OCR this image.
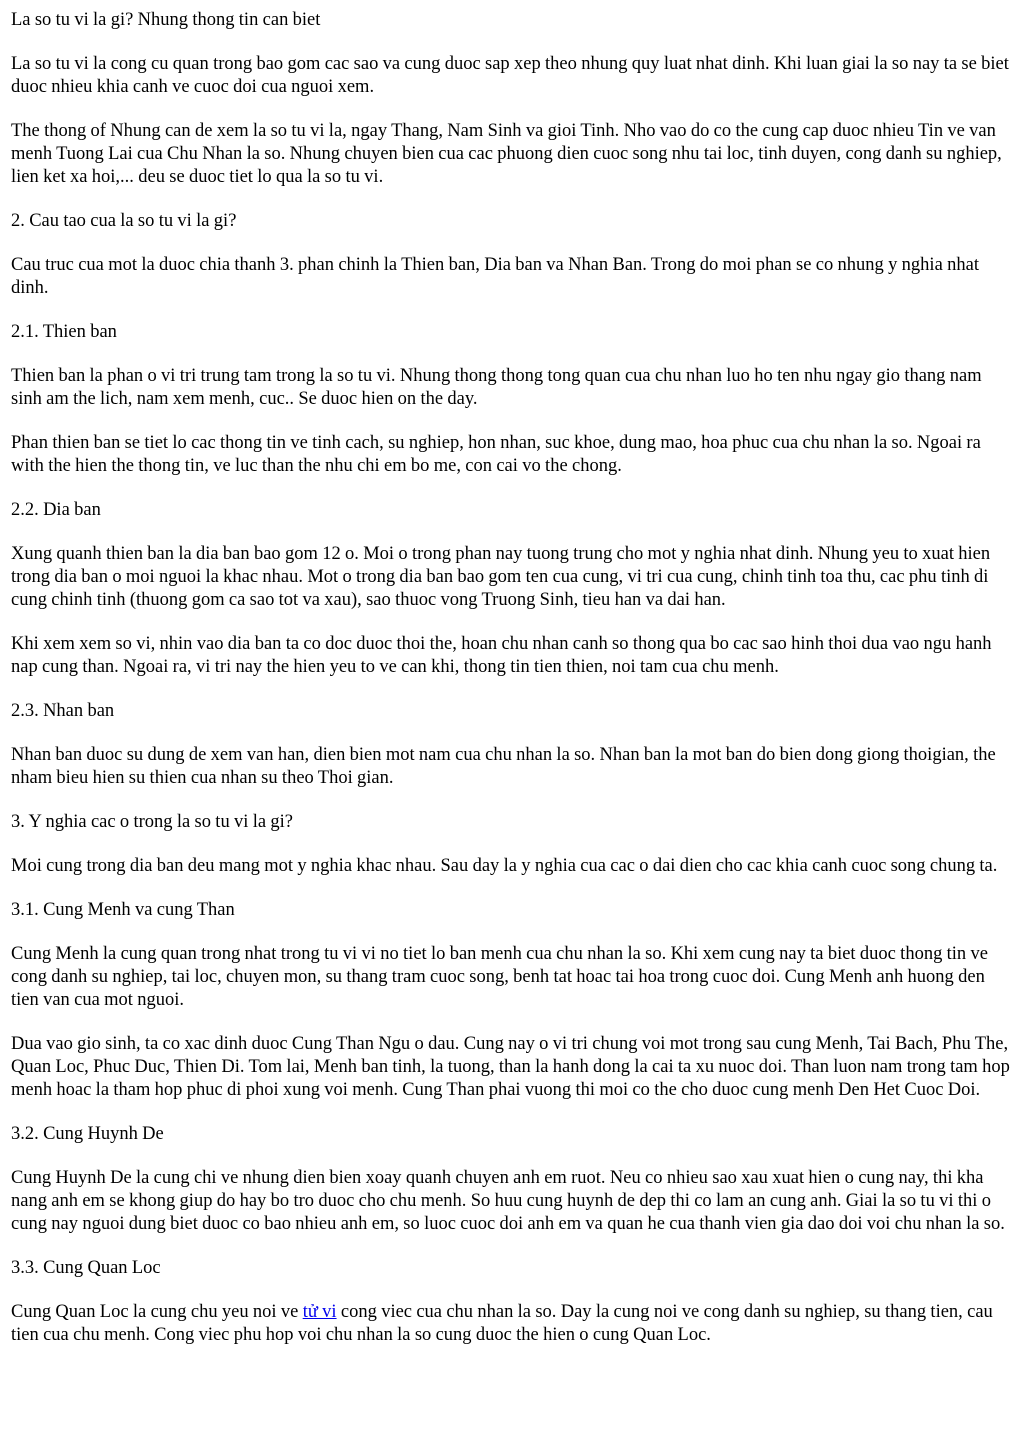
La so tu vi la gi? Nhung thong tin can biet

La so tu vi la cong cu quan trong bao gom cac sao va cung duoc sap xep theo nhung quy luat nhat dinh. Khi luan giai la so nay ta se biet duoc nhieu khia canh ve cuoc doi cua nguoi xem.

The thong of Nhung can de xem la so tu vi la, ngay Thang, Nam Sinh va gioi Tinh. Nho vao do co the cung cap duoc nhieu Tin ve van menh Tuong Lai cua Chu Nhan la so. Nhung chuyen bien cua cac phuong dien cuoc song nhu tai loc, tinh duyen, cong danh su nghiep, lien ket xa hoi,... deu se duoc tiet lo qua la so tu vi.

2. Cau tao cua la so tu vi la gi?

Cau truc cua mot la duoc chia thanh 3. phan chinh la Thien ban, Dia ban va Nhan Ban. Trong do moi phan se co nhung y nghia nhat dinh.

2.1. Thien ban

Thien ban la phan o vi tri trung tam trong la so tu vi. Nhung thong thong tong quan cua chu nhan luo ho ten nhu ngay gio thang nam sinh am the lich, nam xem menh, cuc.. Se duoc hien on the day.

Phan thien ban se tiet lo cac thong tin ve tinh cach, su nghiep, hon nhan, suc khoe, dung mao, hoa phuc cua chu nhan la so. Ngoai ra with the hien the thong tin, ve luc than the nhu chi em bo me, con cai vo the chong.

2.2. Dia ban

Xung quanh thien ban la dia ban bao gom 12 o. Moi o trong phan nay tuong trung cho mot y nghia nhat dinh. Nhung yeu to xuat hien trong dia ban o moi nguoi la khac nhau. Mot o trong dia ban bao gom ten cua cung, vi tri cua cung, chinh tinh toa thu, cac phu tinh di cung chinh tinh (thuong gom ca sao tot va xau), sao thuoc vong Truong Sinh, tieu han va dai han.

Khi xem xem so vi, nhin vao dia ban ta co doc duoc thoi the, hoan chu nhan canh so thong qua bo cac sao hinh thoi dua vao ngu hanh nap cung than. Ngoai ra, vi tri nay the hien yeu to ve can khi, thong tin tien thien, noi tam cua chu menh.

2.3. Nhan ban

Nhan ban duoc su dung de xem van han, dien bien mot nam cua chu nhan la so. Nhan ban la mot ban do bien dong giong thoigian, the nham bieu hien su thien cua nhan su theo Thoi gian.

3. Y nghia cac o trong la so tu vi la gi?

Moi cung trong dia ban deu mang mot y nghia khac nhau. Sau day la y nghia cua cac o dai dien cho cac khia canh cuoc song chung ta.

3.1. Cung Menh va cung Than

Cung Menh la cung quan trong nhat trong tu vi vi no tiet lo ban menh cua chu nhan la so. Khi xem cung nay ta biet duoc thong tin ve cong danh su nghiep, tai loc, chuyen mon, su thang tram cuoc song, benh tat hoac tai hoa trong cuoc doi. Cung Menh anh huong den tien van cua mot nguoi.

Dua vao gio sinh, ta co xac dinh duoc Cung Than Ngu o dau. Cung nay o vi tri chung voi mot trong sau cung Menh, Tai Bach, Phu The, Quan Loc, Phuc Duc, Thien Di. Tom lai, Menh ban tinh, la tuong, than la hanh dong la cai ta xu nuoc doi. Than luon nam trong tam hop menh hoac la tham hop phuc di phoi xung voi menh. Cung Than phai vuong thi moi co the cho duoc cung menh Den Het Cuoc Doi.

3.2. Cung Huynh De

Cung Huynh De la cung chi ve nhung dien bien xoay quanh chuyen anh em ruot. Neu co nhieu sao xau xuat hien o cung nay, thi kha nang anh em se khong giup do hay bo tro duoc cho chu menh. So huu cung huynh de dep thi co lam an cung anh. Giai la so tu vi thi o cung nay nguoi dung biet duoc co bao nhieu anh em, so luoc cuoc doi anh em va quan he cua thanh vien gia dao doi voi chu nhan la so.

3.3. Cung Quan Loc

Cung Quan Loc la cung chu yeu noi ve tử vi cong viec cua chu nhan la so. Day la cung noi ve cong danh su nghiep, su thang tien, cau tien cua chu menh. Cong viec phu hop voi chu nhan la so cung duoc the hien o cung Quan Loc.
